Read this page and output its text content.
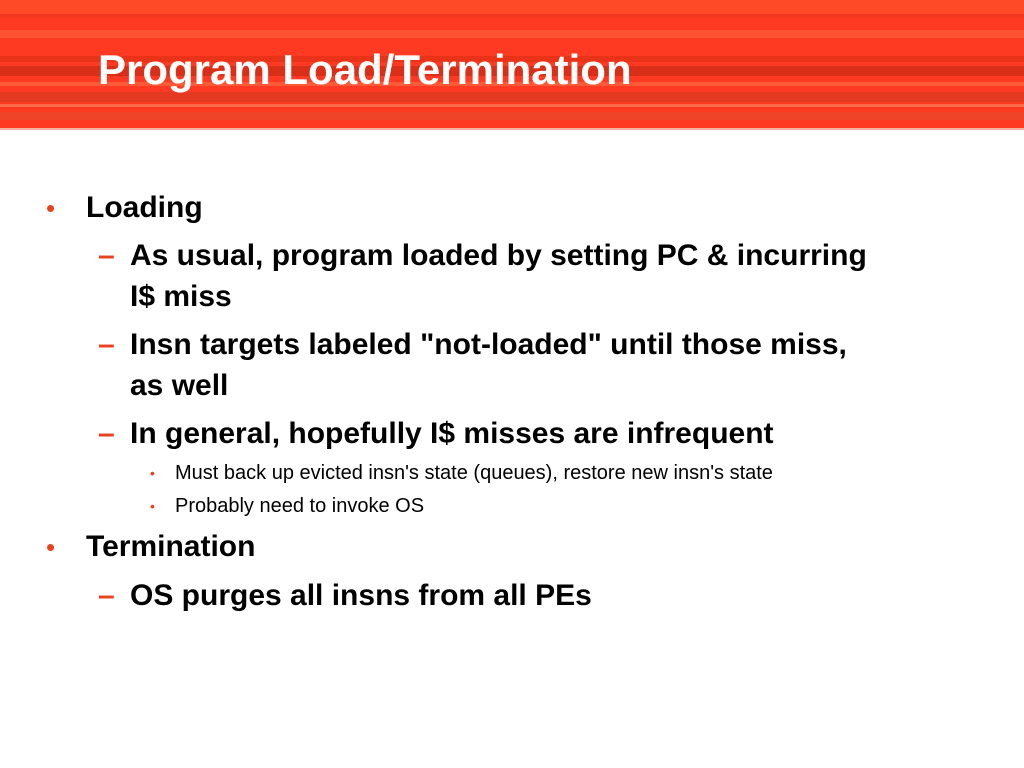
Program Load/Termination
• Loading
– As usual, program loaded by setting PC & incurring
I$ miss
– Insn targets labeled "not-loaded" until those miss,
as well
– In general, hopefully I$ misses are infrequent
• Must back up evicted insn's state (queues), restore new insn's state
• Probably need to invoke OS
• Termination
– OS purges all insns from all PEs
